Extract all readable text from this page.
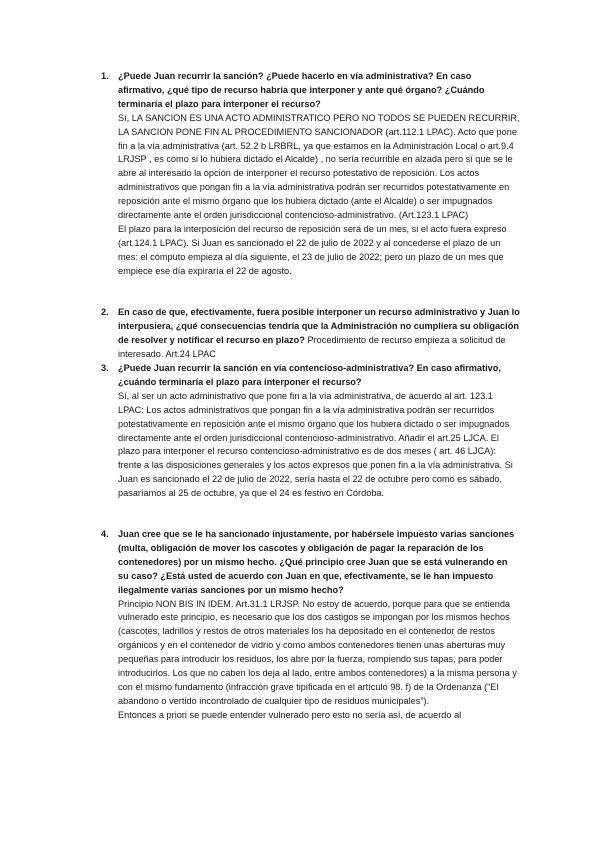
1.	¿Puede Juan recurrir la sanción? ¿Puede hacerlo en vía administrativa? En caso afirmativo, ¿qué tipo de recurso habría que interponer y ante qué órgano? ¿Cuándo terminaría el plazo para interponer el recurso?

Sí, LA SANCION ES UNA ACTO ADMINISTRATICO PERO NO TODOS SE PUEDEN RECURRIR, LA SANCION PONE FIN AL PROCEDIMIENTO SANCIONADOR (art.112.1 LPAC). Acto que pone fin a la vía administrativa (art. 52.2 b LRBRL, ya que estamos en la Administración Local o art.9.4 LRJSP , es como si lo hubiera dictado el Alcalde) , no sería recurrible en alzada pero sí que se le abre al interesado la opción de interponer el recurso potestativo de reposición. Los actos administrativos que pongan fin a la vía administrativa podrán ser recurridos potestativamente en reposición ante el mismo órgano que los hubiera dictado (ante el Alcalde) o ser impugnados directamente ante el orden jurisdiccional contencioso-administrativo. (Art.123.1 LPAC)
El plazo para la interposición del recurso de reposición será de un mes, si el acto fuera expreso (art.124.1 LPAC). Si Juan es sancionado el 22 de julio de 2022 y al concederse el plazo de un mes: el cómputo empieza al día siguiente, el 23 de julio de 2022; pero un plazo de un mes que empiece ese día expiraría el 22 de agosto.

2.	En caso de que, efectivamente, fuera posible interponer un recurso administrativo y Juan lo interpusiera, ¿qué consecuencias tendría que la Administración no cumpliera su obligación de resolver y notificar el recurso en plazo? Procedimiento de recurso empieza a solicitud de interesado. Art.24 LPAC

3.	¿Puede Juan recurrir la sanción en vía contencioso-administrativa? En caso afirmativo, ¿cuándo terminaría el plazo para interponer el recurso?

Sí, al ser un acto administrativo que pone fin a la vía administrativa, de acuerdo al art. 123.1 LPAC: Los actos administrativos que pongan fin a la vía administrativa podrán ser recurridos potestativamente en reposición ante el mismo órgano que los hubiera dictado o ser impugnados directamente ante el orden jurisdiccional contencioso-administrativo. Añadir el art.25 LJCA. El plazo para interponer el recurso contencioso-administrativo es de dos meses ( art. 46 LJCA): frente a las disposiciones generales y los actos expresos que ponen fin a la vía administrativa. Si Juan es sancionado el 22 de julio de 2022, sería hasta el 22 de octubre pero como es sábado, pasaríamos al 25 de octubre, ya que el 24 es festivo en Córdoba.

4.	Juan cree que se le ha sancionado injustamente, por habérsele impuesto varias sanciones (multa, obligación de mover los cascotes y obligación de pagar la reparación de los contenedores) por un mismo hecho. ¿Qué principio cree Juan que se está vulnerando en su caso? ¿Está usted de acuerdo con Juan en que, efectivamente, se le han impuesto ilegalmente varias sanciones por un mismo hecho?

Principio NON BIS IN IDEM. Art.31.1 LRJSP. No estoy de acuerdo, porque para que se entienda vulnerado este principio, es necesario que los dos castigos se impongan por los mismos hechos (cascotes, ladrillos y restos de otros materiales los ha depositado en el contenedor de restos orgánicos y en el contenedor de vidrio y como ambos contenedores tienen unas aberturas muy pequeñas para introducir los residuos, los abre por la fuerza, rompiendo sus tapas, para poder introducirlos. Los que no caben los deja al lado, entre ambos contenedores) a la misma persona y con el mismo fundamento (infracción grave tipificada en el artículo 98. f) de la Ordenanza (“El abandono o vertido incontrolado de cualquier tipo de residuos municipales”).
Entonces a priori se puede entender vulnerado pero esto no sería así, de acuerdo al
